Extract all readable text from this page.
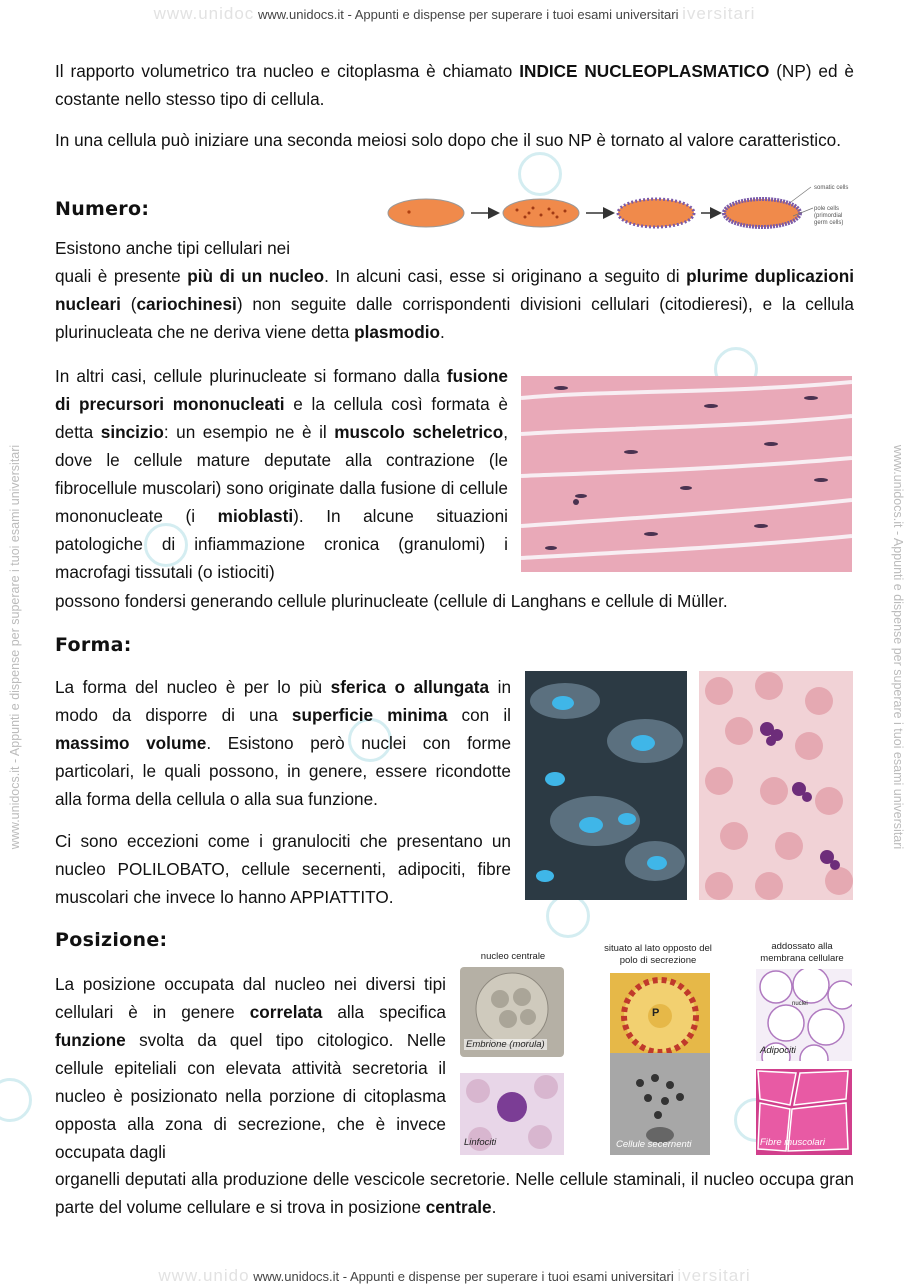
www.unidoc www.unidocs.it - Appunti e dispense per superare i tuoi esami universitari iversitari
www.unidocs.it - Appunti e dispense per superare i tuoi esami universitari	www.unidocs.it - Appunti e dispense per superare i tuoi esami universitari

Il rapporto volumetrico tra nucleo e citoplasma è chiamato INDICE NUCLEOPLASMATICO (NP) ed è costante nello stesso tipo di cellula.

In una cellula può iniziare una seconda meiosi solo dopo che il suo NP è tornato al valore caratteristico.

Numero:
somatic cells
pole cells (primordial germ cells)

Esistono anche tipi cellulari nei

quali è presente più di un nucleo. In alcuni casi, esse si originano a seguito di plurime duplicazioni nucleari (cariochinesi) non seguite dalle corrispondenti divisioni cellulari (citodieresi), e la cellula plurinucleata che ne deriva viene detta plasmodio.

In altri casi, cellule plurinucleate si formano dalla fusione di precursori mononucleati e la cellula così formata è detta sincizio: un esempio ne è il muscolo scheletrico, dove le cellule mature deputate alla contrazione (le fibrocellule muscolari) sono originate dalla fusione di cellule mononucleate (i mioblasti). In alcune situazioni patologiche di infiammazione cronica (granulomi) i macrofagi tissutali (o istiociti)

possono fondersi generando cellule plurinucleate (cellule di Langhans e cellule di Müller.

Forma:

La forma del nucleo è per lo più sferica o allungata in modo da disporre di una superficie minima con il massimo volume. Esistono però nuclei con forme particolari, le quali possono, in genere, essere ricondotte alla forma della cellula o alla sua funzione.

Ci sono eccezioni come i granulociti che presentano un nucleo POLILOBATO, cellule secernenti, adipociti, fibre muscolari che invece lo hanno APPIATTITO.

Posizione:
nucleo centrale
situato al lato opposto del polo di secrezione
addossato alla membrana cellulare
Embrione (morula)
Linfociti
P
Cellule secernenti
nuclei
Adipociti
Fibre muscolari

La posizione occupata dal nucleo nei diversi tipi cellulari è in genere correlata alla specifica funzione svolta da quel tipo citologico. Nelle cellule epiteliali con elevata attività secretoria il nucleo è posizionato nella porzione di citoplasma opposta alla zona di secrezione, che è invece occupata dagli

organelli deputati alla produzione delle vescicole secretorie. Nelle cellule staminali, il nucleo occupa gran parte del volume cellulare e si trova in posizione centrale.

www.unido www.unidocs.it - Appunti e dispense per superare i tuoi esami universitari iversitari
